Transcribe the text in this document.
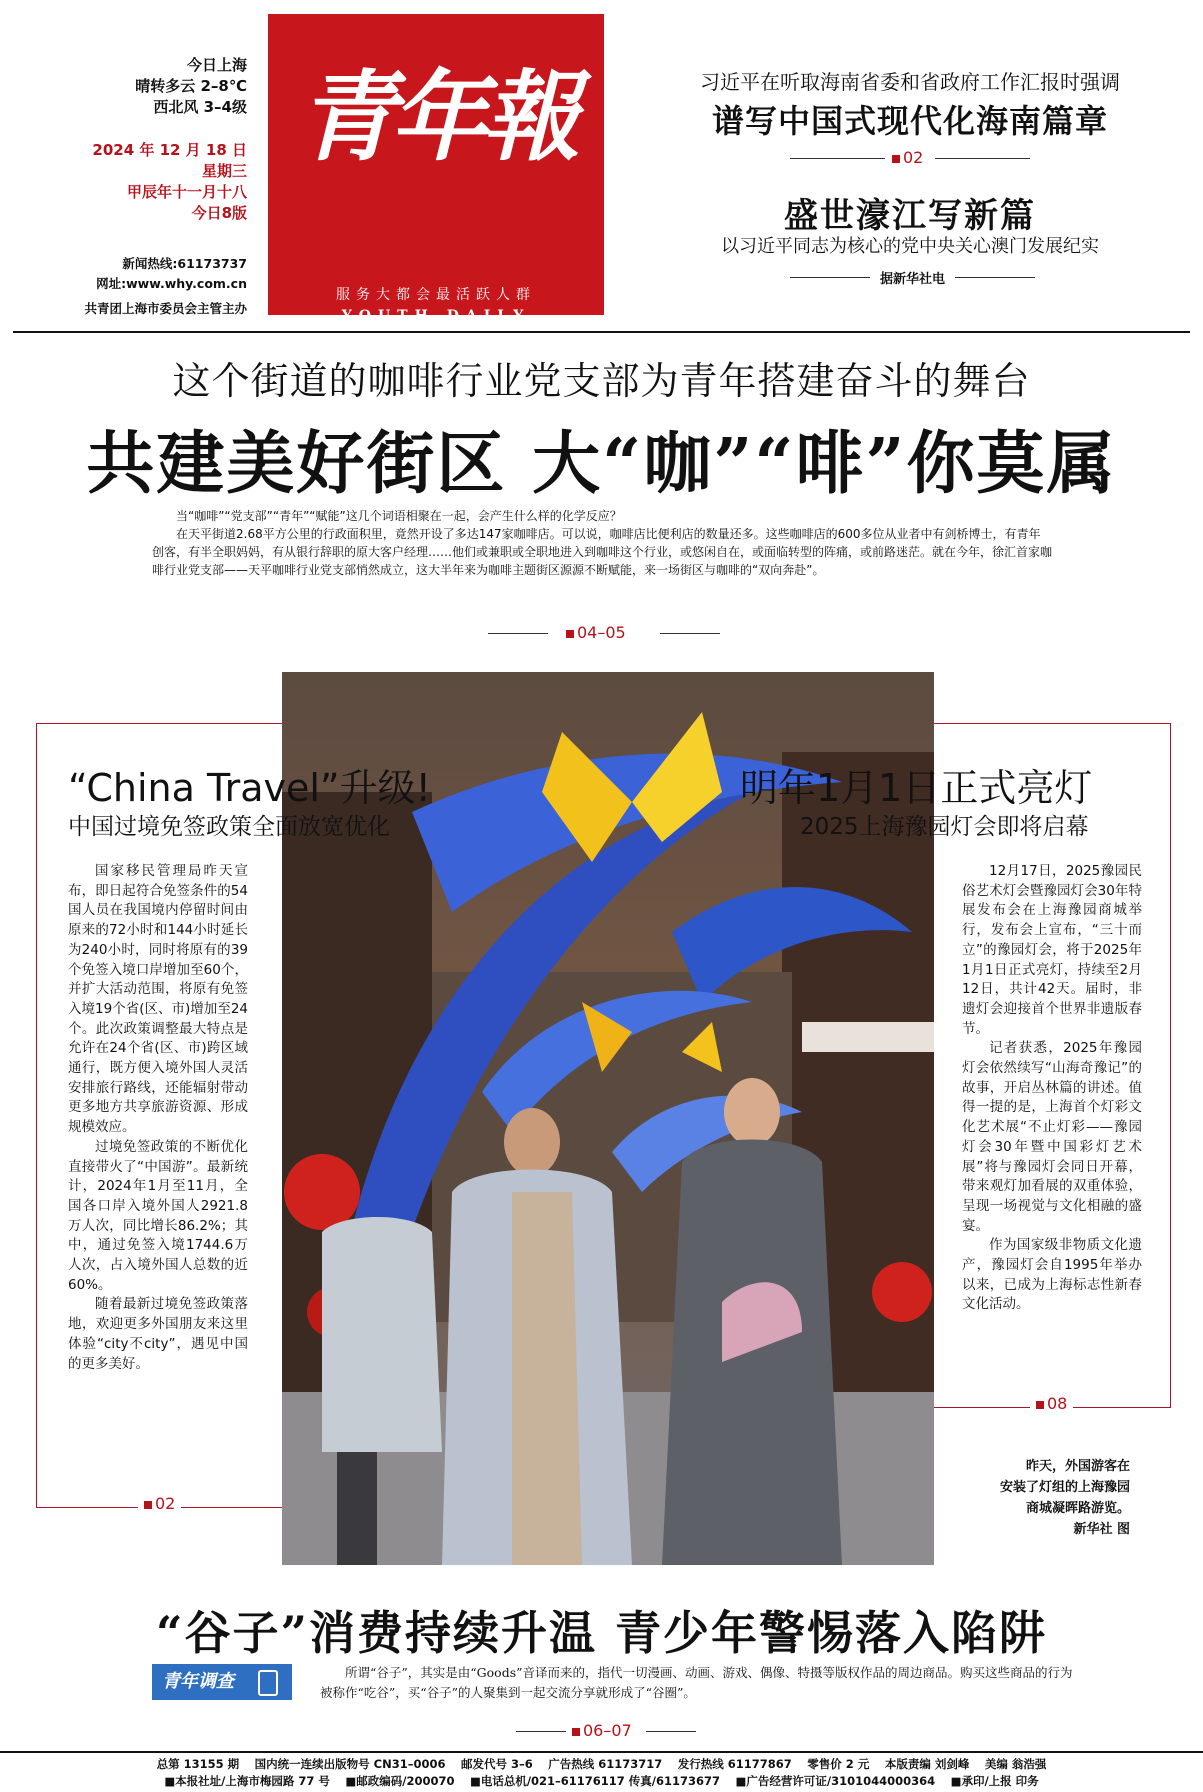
今日上海
晴转多云 2–8℃
西北风 3–4级
2024 年 12 月 18 日
星期三
甲辰年十一月十八
今日8版
新闻热线:61173737
网址:www.why.com.cn
共青团上海市委员会主管主办
青年報
服务大都会最活跃人群
YOUTH DAILY
习近平在听取海南省委和省政府工作汇报时强调
谱写中国式现代化海南篇章
02
盛世濠江写新篇
以习近平同志为核心的党中央关心澳门发展纪实
据新华社电
这个街道的咖啡行业党支部为青年搭建奋斗的舞台
共建美好街区 大“咖”“啡”你莫属

当“咖啡”“党支部”“青年”“赋能”这几个词语相聚在一起，会产生什么样的化学反应？

在天平街道2.68平方公里的行政面积里，竟然开设了多达147家咖啡店。可以说，咖啡店比便利店的数量还多。这些咖啡店的600多位从业者中有剑桥博士，有青年创客，有半全职妈妈，有从银行辞职的原大客户经理……他们或兼职或全职地进入到咖啡这个行业，或悠闲自在，或面临转型的阵痛，或前路迷茫。就在今年，徐汇首家咖啡行业党支部——天平咖啡行业党支部悄然成立，这大半年来为咖啡主题街区源源不断赋能，来一场街区与咖啡的“双向奔赴”。

04–05
“China Travel”升级!
中国过境免签政策全面放宽优化

国家移民管理局昨天宣布，即日起符合免签条件的54国人员在我国境内停留时间由原来的72小时和144小时延长为240小时，同时将原有的39个免签入境口岸增加至60个，并扩大活动范围，将原有免签入境19个省(区、市)增加至24个。此次政策调整最大特点是允许在24个省(区、市)跨区域通行，既方便入境外国人灵活安排旅行路线，还能辐射带动更多地方共享旅游资源、形成规模效应。

过境免签政策的不断优化直接带火了“中国游”。最新统计，2024年1月至11月，全国各口岸入境外国人2921.8万人次，同比增长86.2%；其中，通过免签入境1744.6万人次，占入境外国人总数的近60%。

随着最新过境免签政策落地，欢迎更多外国朋友来这里体验“city不city”，遇见中国的更多美好。

02
明年1月1日正式亮灯
2025上海豫园灯会即将启幕

12月17日，2025豫园民俗艺术灯会暨豫园灯会30年特展发布会在上海豫园商城举行，发布会上宣布，“三十而立”的豫园灯会，将于2025年1月1日正式亮灯，持续至2月12日，共计42天。届时，非遗灯会迎接首个世界非遗版春节。

记者获悉，2025年豫园灯会依然续写“山海奇豫记”的故事，开启丛林篇的讲述。值得一提的是，上海首个灯彩文化艺术展“不止灯彩——豫园灯会30年暨中国彩灯艺术展”将与豫园灯会同日开幕，带来观灯加看展的双重体验，呈现一场视觉与文化相融的盛宴。

作为国家级非物质文化遗产，豫园灯会自1995年举办以来，已成为上海标志性新春文化活动。

08
昨天，外国游客在
安装了灯组的上海豫园
商城凝晖路游览。
新华社 图
“谷子”消费持续升温 青少年警惕落入陷阱
青年调查	所谓“谷子”，其实是由“Goods”音译而来的，指代一切漫画、动画、游戏、偶像、特摄等版权作品的周边商品。购买这些商品的行为被称作“吃谷”，买“谷子”的人聚集到一起交流分享就形成了“谷圈”。

06–07
总第 13155 期　 国内统一连续出版物号 CN31–0006　 邮发代号 3–6　 广告热线 61173717　 发行热线 61177867　 零售价 2 元　 本版责编 刘剑峰　 美编 翁浩强
■本报社址/上海市梅园路 77 号　 ■邮政编码/200070　 ■电话总机/021–61176117 传真/61173677　 ■广告经营许可证/3101044000364　 ■承印/上报 印务
